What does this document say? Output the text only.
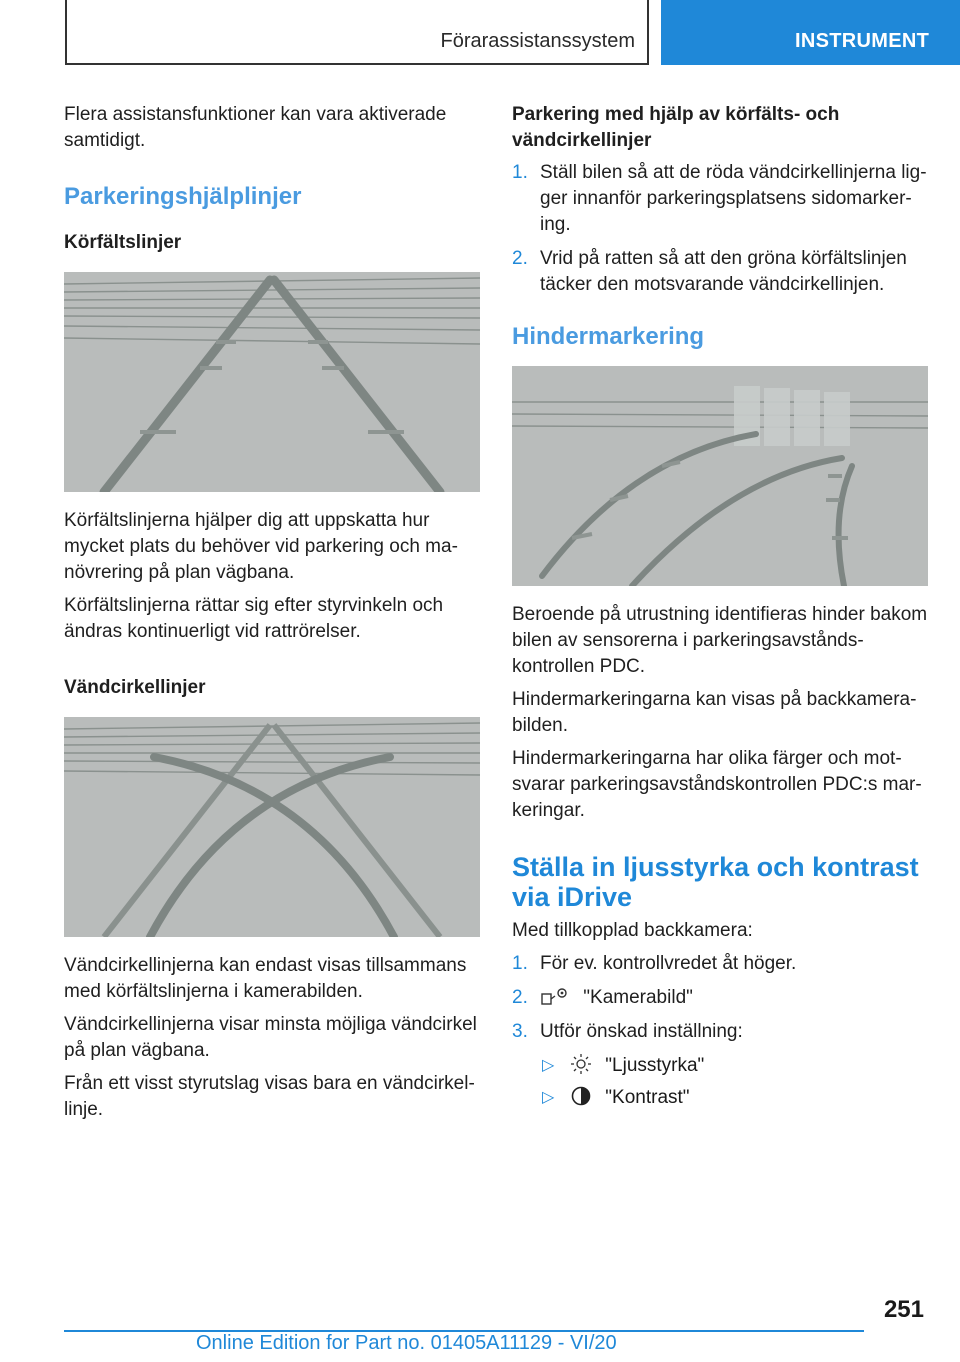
Förarassistanssystem	INSTRUMENT

Flera assistansfunktioner kan vara aktiverade samtidigt.

Parkeringshjälplinjer
Körfältslinjer

Körfältslinjerna hjälper dig att uppskatta hur mycket plats du behöver vid parkering och manövrering på plan vägbana.

Körfältslinjerna rättar sig efter styrvinkeln och ändras kontinuerligt vid rattrörelser.

Vändcirkellinjer

Vändcirkellinjerna kan endast visas tillsammans med körfältslinjerna i kamerabilden.

Vändcirkellinjerna visar minsta möjliga vändcirkel på plan vägbana.

Från ett visst styrutslag visas bara en vändcirkellinje.

Parkering med hjälp av körfälts- och vändcirkellinjer
1. Ställ bilen så att de röda vändcirkellinjerna ligger innanför parkeringsplatsens sidomarkering.
2. Vrid på ratten så att den gröna körfältslinjen täcker den motsvarande vändcirkellinjen.
Hindermarkering

Beroende på utrustning identifieras hinder bakom bilen av sensorerna i parkeringsavståndskontrollen PDC.

Hindermarkeringarna kan visas på backkamerabilden.

Hindermarkeringarna har olika färger och motsvarar parkeringsavståndskontrollen PDC:s markeringar.

Ställa in ljusstyrka och kontrast via iDrive

Med tillkopplad backkamera:

1. För ev. kontrollvredet åt höger.
2.	"Kamerabild"
3. Utför önskad inställning:
▷	"Ljusstyrka"
▷	"Kontrast"
251
Online Edition for Part no. 01405A11129 - VI/20
